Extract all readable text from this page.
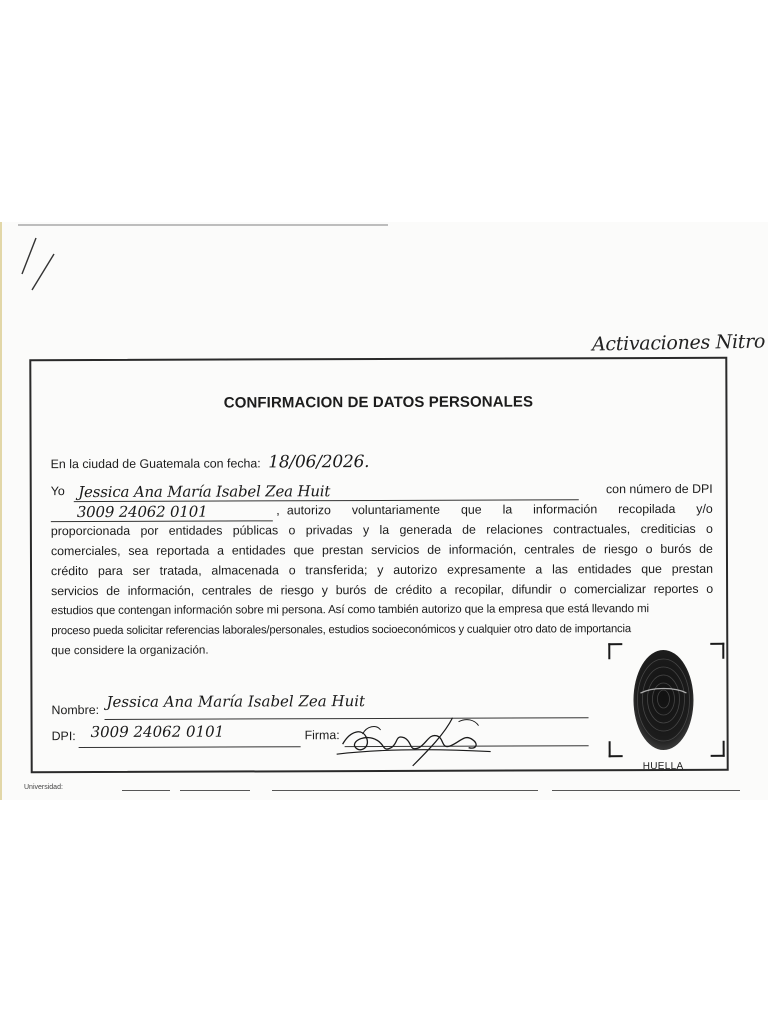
Activaciones Nitro
CONFIRMACION DE DATOS PERSONALES
En la ciudad de Guatemala con fecha: 18/06/2026.
Yo Jessica Ana María Isabel Zea Huit
	con número de DPI
3009 24062 0101	, autorizo voluntariamente que la información recopilada y/o
proporcionada por entidades públicas o privadas y la generada de relaciones contractuales, crediticias o
comerciales, sea reportada a entidades que prestan servicios de información, centrales de riesgo o burós de
crédito para ser tratada, almacenada o transferida; y autorizo expresamente a las entidades que prestan
servicios de información, centrales de riesgo y burós de crédito a recopilar, difundir o comercializar reportes o
estudios que contengan información sobre mi persona. Así como también autorizo que la empresa que está llevando mi
proceso pueda solicitar referencias laborales/personales, estudios socioeconómicos y cualquier otro dato de importancia
que considere la organización.
Nombre: Jessica Ana María Isabel Zea Huit
DPI: 3009 24062 0101	Firma:
HUELLA
Universidad:
